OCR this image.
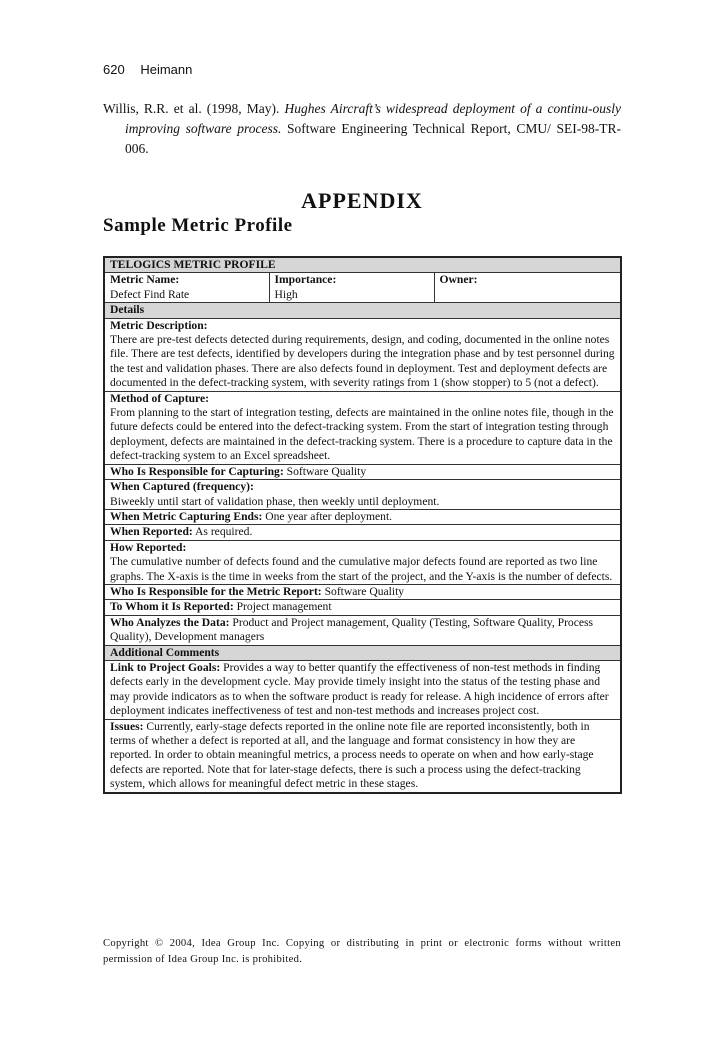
620 Heimann
Willis, R.R. et al. (1998, May). Hughes Aircraft’s widespread deployment of a continu-ously improving software process. Software Engineering Technical Report, CMU/ SEI-98-TR-006.
APPENDIX
Sample Metric Profile
TELOGICS METRIC PROFILE

Metric Name:
Defect Find Rate

Importance:
High

Owner:

Details

Metric Description:
There are pre-test defects detected during requirements, design, and coding, documented in the online notes file. There are test defects, identified by developers during the integration phase and by test personnel during the test and validation phases. There are also defects found in deployment. Test and deployment defects are documented in the defect-tracking system, with severity ratings from 1 (show stopper) to 5 (not a defect).

Method of Capture:
From planning to the start of integration testing, defects are maintained in the online notes file, though in the future defects could be entered into the defect-tracking system. From the start of integration testing through deployment, defects are maintained in the defect-tracking system. There is a procedure to capture data in the defect-tracking system to an Excel spreadsheet.

Who Is Responsible for Capturing: Software Quality

When Captured (frequency):
Biweekly until start of validation phase, then weekly until deployment.

When Metric Capturing Ends: One year after deployment.
When Reported: As required.

How Reported:
The cumulative number of defects found and the cumulative major defects found are reported as two line graphs. The X-axis is the time in weeks from the start of the project, and the Y-axis is the number of defects.

Who Is Responsible for the Metric Report: Software Quality
To Whom it Is Reported: Project management
Who Analyzes the Data: Product and Project management, Quality (Testing, Software Quality, Process Quality), Development managers
Additional Comments
Link to Project Goals: Provides a way to better quantify the effectiveness of non-test methods in finding defects early in the development cycle. May provide timely insight into the status of the testing phase and may provide indicators as to when the software product is ready for release. A high incidence of errors after deployment indicates ineffectiveness of test and non-test methods and increases project cost.
Issues: Currently, early-stage defects reported in the online note file are reported inconsistently, both in terms of whether a defect is reported at all, and the language and format consistency in how they are reported. In order to obtain meaningful metrics, a process needs to operate on when and how early-stage defects are reported. Note that for later-stage defects, there is such a process using the defect-tracking system, which allows for meaningful defect metric in these stages.
Copyright © 2004, Idea Group Inc. Copying or distributing in print or electronic forms without written permission of Idea Group Inc. is prohibited.
